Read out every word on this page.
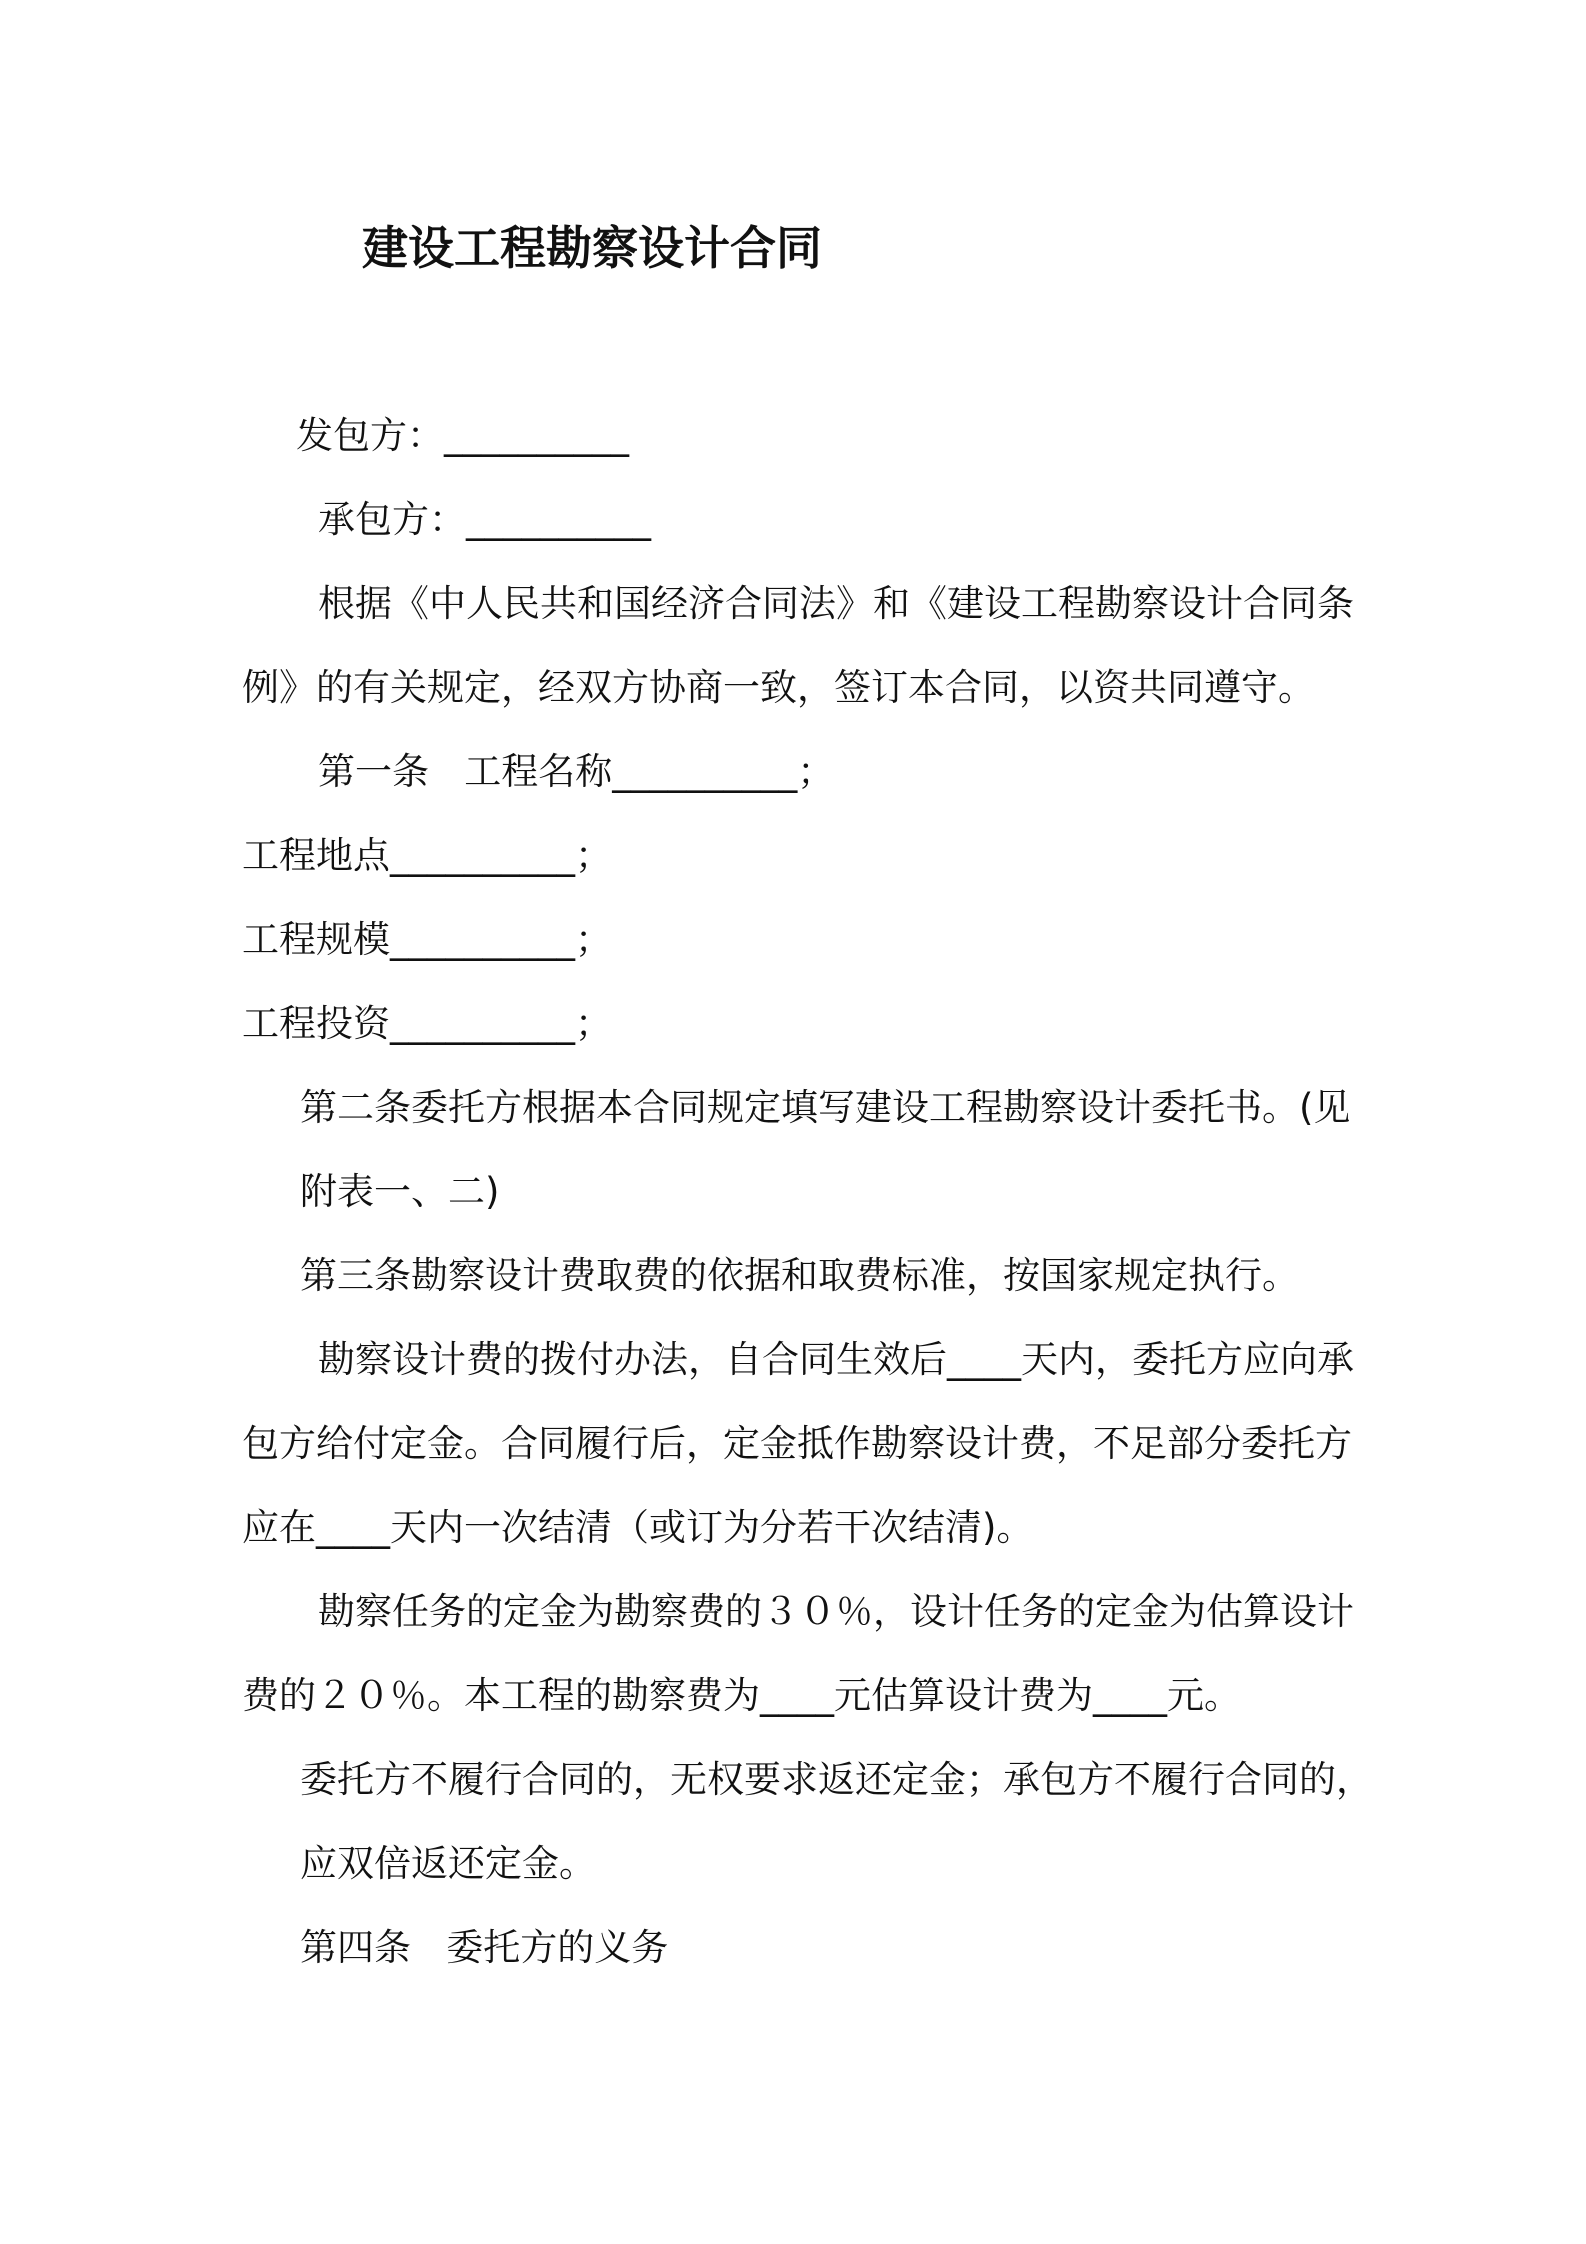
建设工程勘察设计合同
发包方：__________
承包方：__________
根据《中人民共和国经济合同法》和《建设工程勘察设计合同条
例》的有关规定，经双方协商一致，签订本合同，以资共同遵守。
第一条   工程名称__________；
工程地点__________；
工程规模__________；
工程投资__________；
第二条委托方根据本合同规定填写建设工程勘察设计委托书。(见
附表一、二)
第三条勘察设计费取费的依据和取费标准，按国家规定执行。
勘察设计费的拨付办法，自合同生效后____天内，委托方应向承
包方给付定金。合同履行后，定金抵作勘察设计费，不足部分委托方
应在____天内一次结清（或订为分若干次结清)。
勘察任务的定金为勘察费的３０％，设计任务的定金为估算设计
费的２０％。本工程的勘察费为____元估算设计费为____元。
委托方不履行合同的，无权要求返还定金；承包方不履行合同的，
应双倍返还定金。
第四条   委托方的义务
